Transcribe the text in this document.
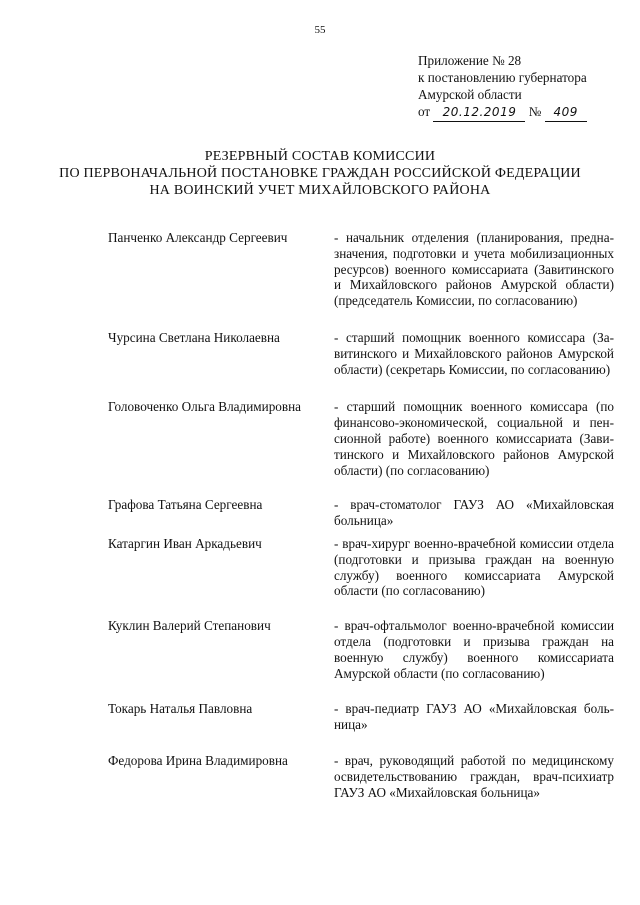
55
Приложение № 28
к постановлению губернатора
Амурской области
от 20.12.2019 № 409
РЕЗЕРВНЫЙ СОСТАВ КОМИССИИ
ПО ПЕРВОНАЧАЛЬНОЙ ПОСТАНОВКЕ ГРАЖДАН РОССИЙСКОЙ ФЕДЕРАЦИИ
НА ВОИНСКИЙ УЧЕТ МИХАЙЛОВСКОГО РАЙОНА
Панченко Александр Сергеевич	- начальник отделения (планирования, предназначения, подготовки и учета мобилизационных ресурсов) военного комиссариата (Завитинского и Михайловского районов Амурской области) (председатель Комиссии, по согласованию)
Чурсина Светлана Николаевна	- старший помощник военного комиссара (Завитинского и Михайловского районов Амурской области) (секретарь Комиссии, по согласованию)
Головоченко Ольга Владимировна	- старший помощник военного комиссара (по финансово-экономической, социальной и пенсионной работе) военного комиссариата (Завитинского и Михайловского районов Амурской области) (по согласованию)
Графова Татьяна Сергеевна	- врач-стоматолог ГАУЗ АО «Михайловская больница»
Катаргин Иван Аркадьевич	- врач-хирург военно-врачебной комиссии отдела (подготовки и призыва граждан на военную службу) военного комиссариата Амурской области (по согласованию)
Куклин Валерий Степанович	- врач-офтальмолог военно-врачебной комиссии отдела (подготовки и призыва граждан на военную службу) военного комиссариата Амурской области (по согласованию)
Токарь Наталья Павловна	- врач-педиатр ГАУЗ АО «Михайловская больница»
Федорова Ирина Владимировна	- врач, руководящий работой по медицинскому освидетельствованию граждан, врач-психиатр ГАУЗ АО «Михайловская больница»
